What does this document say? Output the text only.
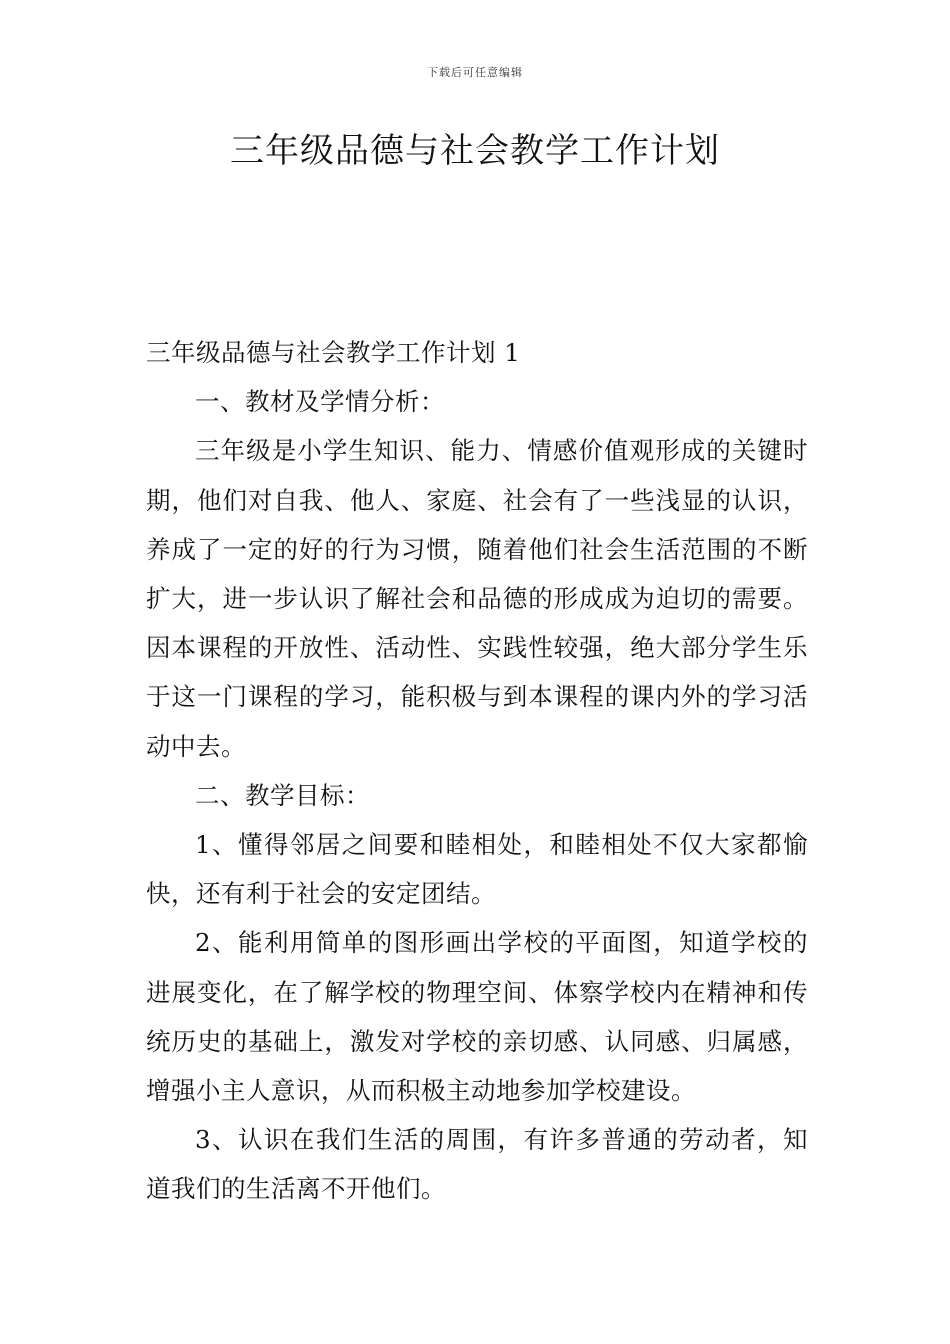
下载后可任意编辑
三年级品德与社会教学工作计划

三年级品德与社会教学工作计划 1

一、教材及学情分析：

三年级是小学生知识、能力、情感价值观形成的关键时期，他们对自我、他人、家庭、社会有了一些浅显的认识，养成了一定的好的行为习惯，随着他们社会生活范围的不断扩大，进一步认识了解社会和品德的形成成为迫切的需要。因本课程的开放性、活动性、实践性较强，绝大部分学生乐于这一门课程的学习，能积极与到本课程的课内外的学习活动中去。

二、教学目标：

1、懂得邻居之间要和睦相处，和睦相处不仅大家都愉快，还有利于社会的安定团结。

2、能利用简单的图形画出学校的平面图，知道学校的进展变化，在了解学校的物理空间、体察学校内在精神和传统历史的基础上，激发对学校的亲切感、认同感、归属感，增强小主人意识，从而积极主动地参加学校建设。

3、认识在我们生活的周围，有许多普通的劳动者，知道我们的生活离不开他们。
